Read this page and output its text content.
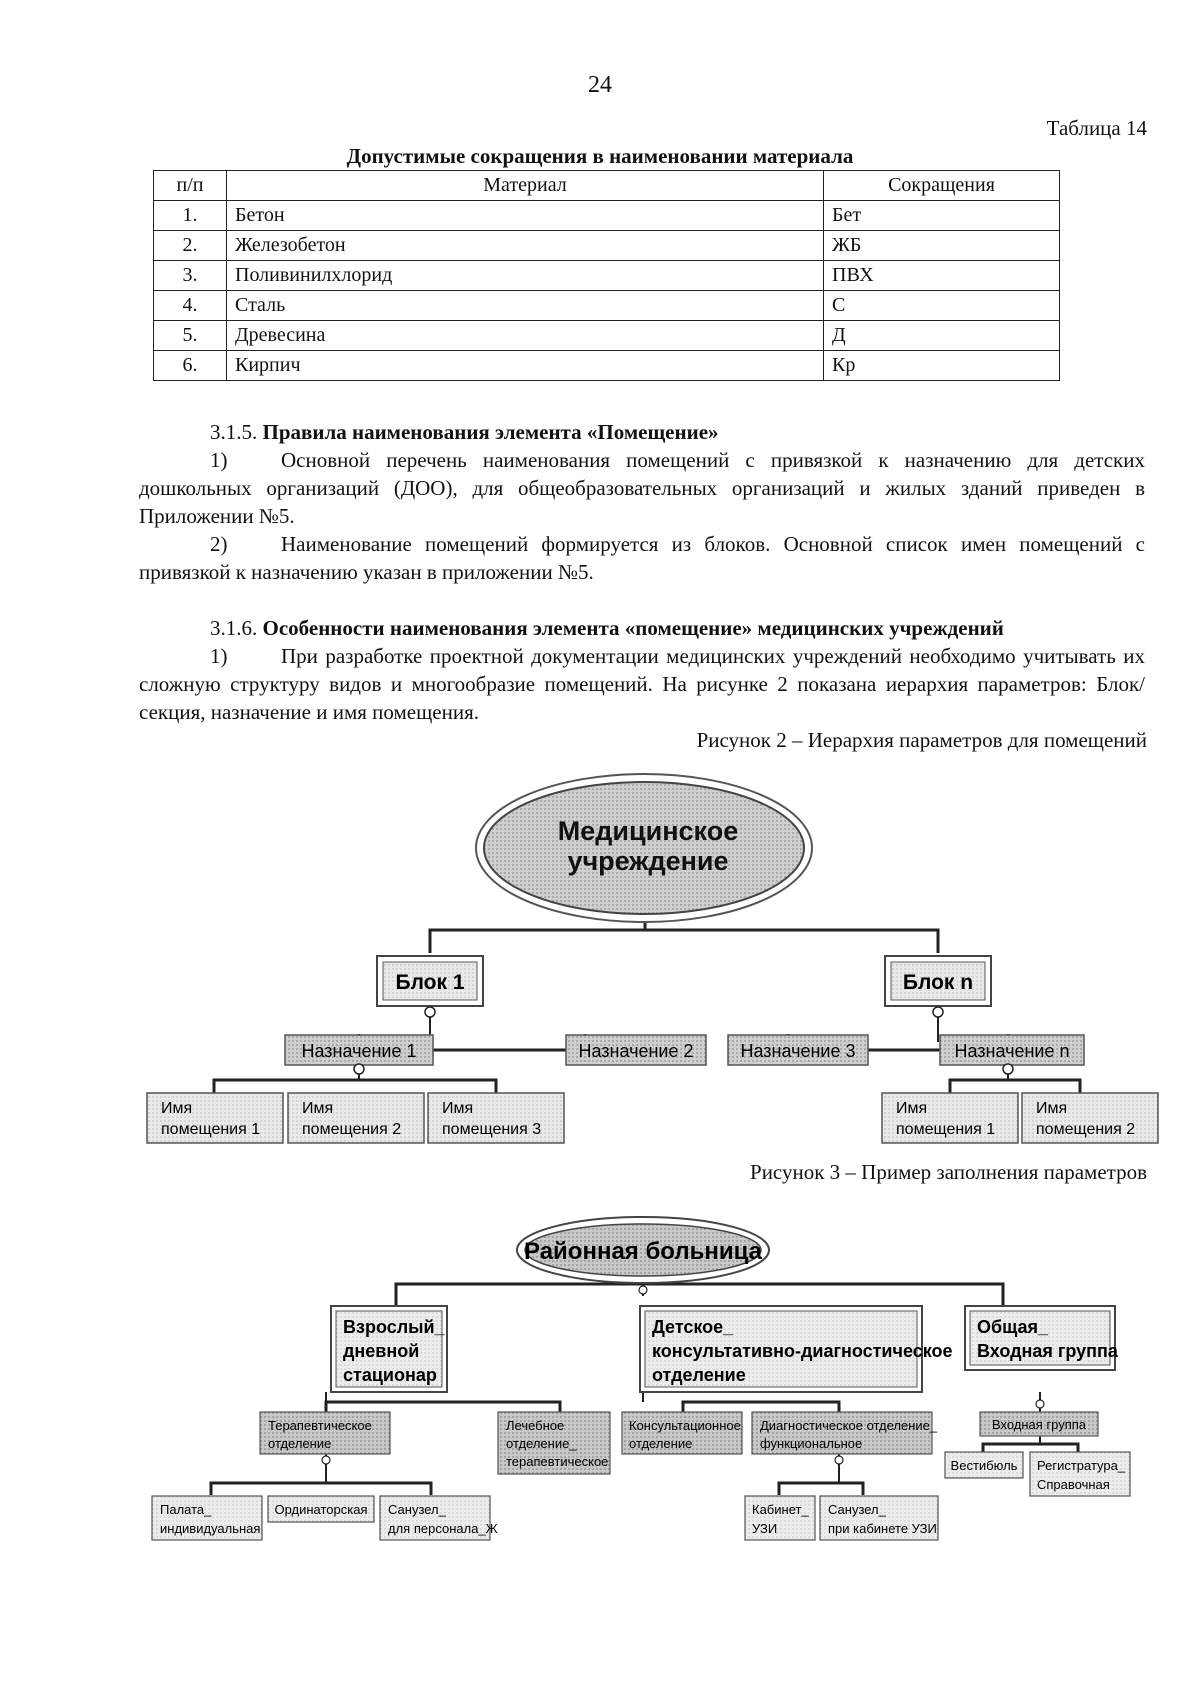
24
Таблица 14
Допустимые сокращения в наименовании материала
п/п	Материал	Сокращения
1.	Бетон	Бет
2.	Железобетон	ЖБ
3.	Поливинилхлорид	ПВХ
4.	Сталь	С
5.	Древесина	Д
6.	Кирпич	Кр
3.1.5. Правила наименования элемента «Помещение»
1)	Основной перечень наименования помещений с привязкой к назначению для детских дошкольных организаций (ДОО), для общеобразовательных организаций и жилых зданий приведен в Приложении №5.
2)	Наименование помещений формируется из блоков. Основной список имен помещений с привязкой к назначению указан в приложении №5.
3.1.6. Особенности наименования элемента «помещение» медицинских учреждений
1)	При разработке проектной документации медицинских учреждений необходимо учитывать их сложную структуру видов и многообразие помещений. На рисунке 2 показана иерархия параметров: Блок/секция, назначение и имя помещения.
Рисунок 2 – Иерархия параметров для помещений
Медицинское
учреждение
Блок 1	Блок n
Назначение 1	Назначение 2	Назначение 3	Назначение n
Имя
помещения 1
Имя
помещения 2
Имя
помещения 3
Имя
помещения 1
Имя
помещения 2
Рисунок 3 – Пример заполнения параметров
Районная больница
Взрослый_
дневной
стационар
Детское_
консультативно-диагностическое
отделение
Общая_
Входная группа
Терапевтическое
отделение
Лечебное
отделение_
терапевтическое
Консультационное
отделение
Диагностическое отделение_
функциональное
Входная группа
Палата_
индивидуальная
Ординаторская Санузел_
для персонала_Ж
Кабинет_
УЗИ
Санузел_
при кабинете УЗИ
Вестибюль Регистратура_
Справочная
